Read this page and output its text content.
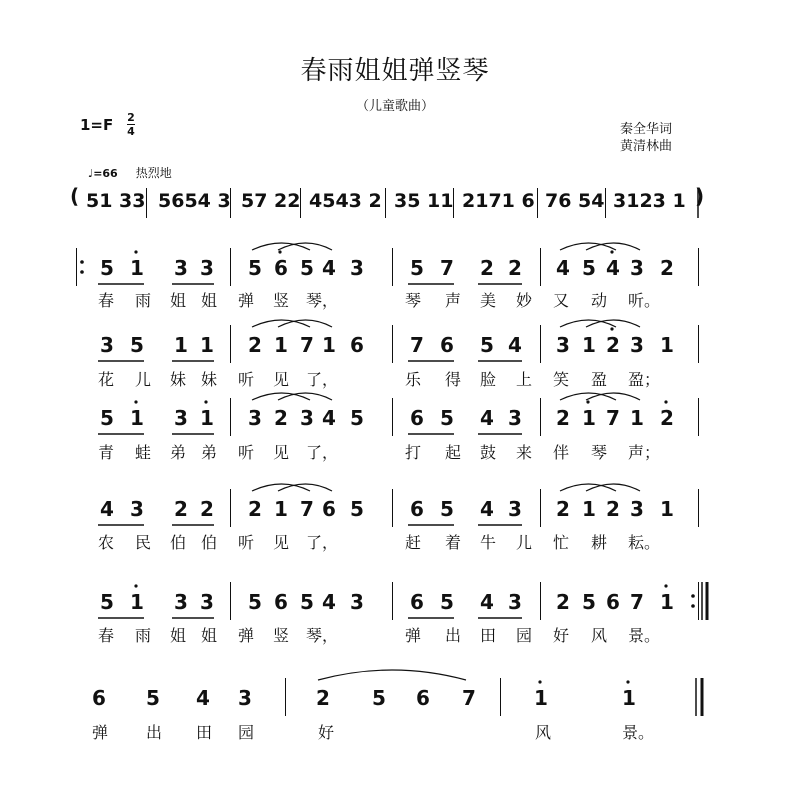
春雨姐姐弹竖琴
（儿童歌曲）
1=F 2
4	秦全华词
黄清林曲
♩=66 热烈地
(	)
51 33 5654 3 57 22 4543 2 35 11 2171 6 76 54 3123 1
5 1 3 3 5 6 5 4 3 5 7 2 2 4 5 4 3 2
春 雨 姐 姐 弹 竖 琴，	琴 声 美 妙 又 动 听。
3 5 1 1 2 1 7 1 6 7 6 5 4 3 1 2 3 1
花 儿 妹 妹 听 见 了，	乐 得 脸 上 笑 盈 盈；
5 1 3 1 3 2 3 4 5 6 5 4 3 2 1 7 1 2
青 蛙 弟 弟 听 见 了，	打 起 鼓 来 伴 琴 声；
4 3 2 2 2 1 7 6 5 6 5 4 3 2 1 2 3 1
农 民 伯 伯 听 见 了，	赶 着 牛 儿 忙 耕 耘。
5 1 3 3 5 6 5 4 3 6 5 4 3 2 5 6 7 1
春 雨 姐 姐 弹 竖 琴，	弹 出 田 园 好 风 景。
6 5 4 3	2 5 6 7	1	1
弹 出 田 园	好	风	景。
